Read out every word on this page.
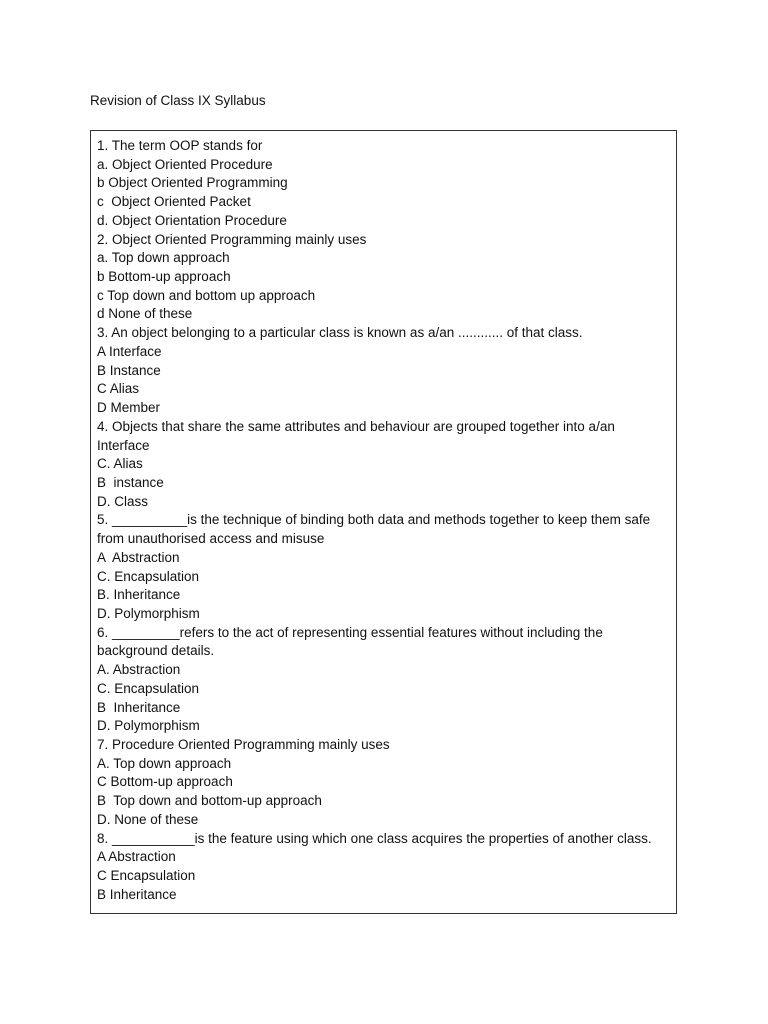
Revision of Class IX Syllabus
1. The term OOP stands for
a. Object Oriented Procedure
b Object Oriented Programming
c  Object Oriented Packet
d. Object Orientation Procedure
2. Object Oriented Programming mainly uses
a. Top down approach
b Bottom-up approach
c Top down and bottom up approach
d None of these
3. An object belonging to a particular class is known as a/an ............ of that class.
A Interface
B Instance
C Alias
D Member
4. Objects that share the same attributes and behaviour are grouped together into a/an
Interface
C. Alias
B  instance
D. Class
5. __________is the technique of binding both data and methods together to keep them safe
from unauthorised access and misuse
A  Abstraction
C. Encapsulation
B. Inheritance
D. Polymorphism
6. _________refers to the act of representing essential features without including the
background details.
A. Abstraction
C. Encapsulation
B  Inheritance
D. Polymorphism
7. Procedure Oriented Programming mainly uses
A. Top down approach
C Bottom-up approach
B  Top down and bottom-up approach
D. None of these
8. ___________is the feature using which one class acquires the properties of another class.
A Abstraction
C Encapsulation
B Inheritance
